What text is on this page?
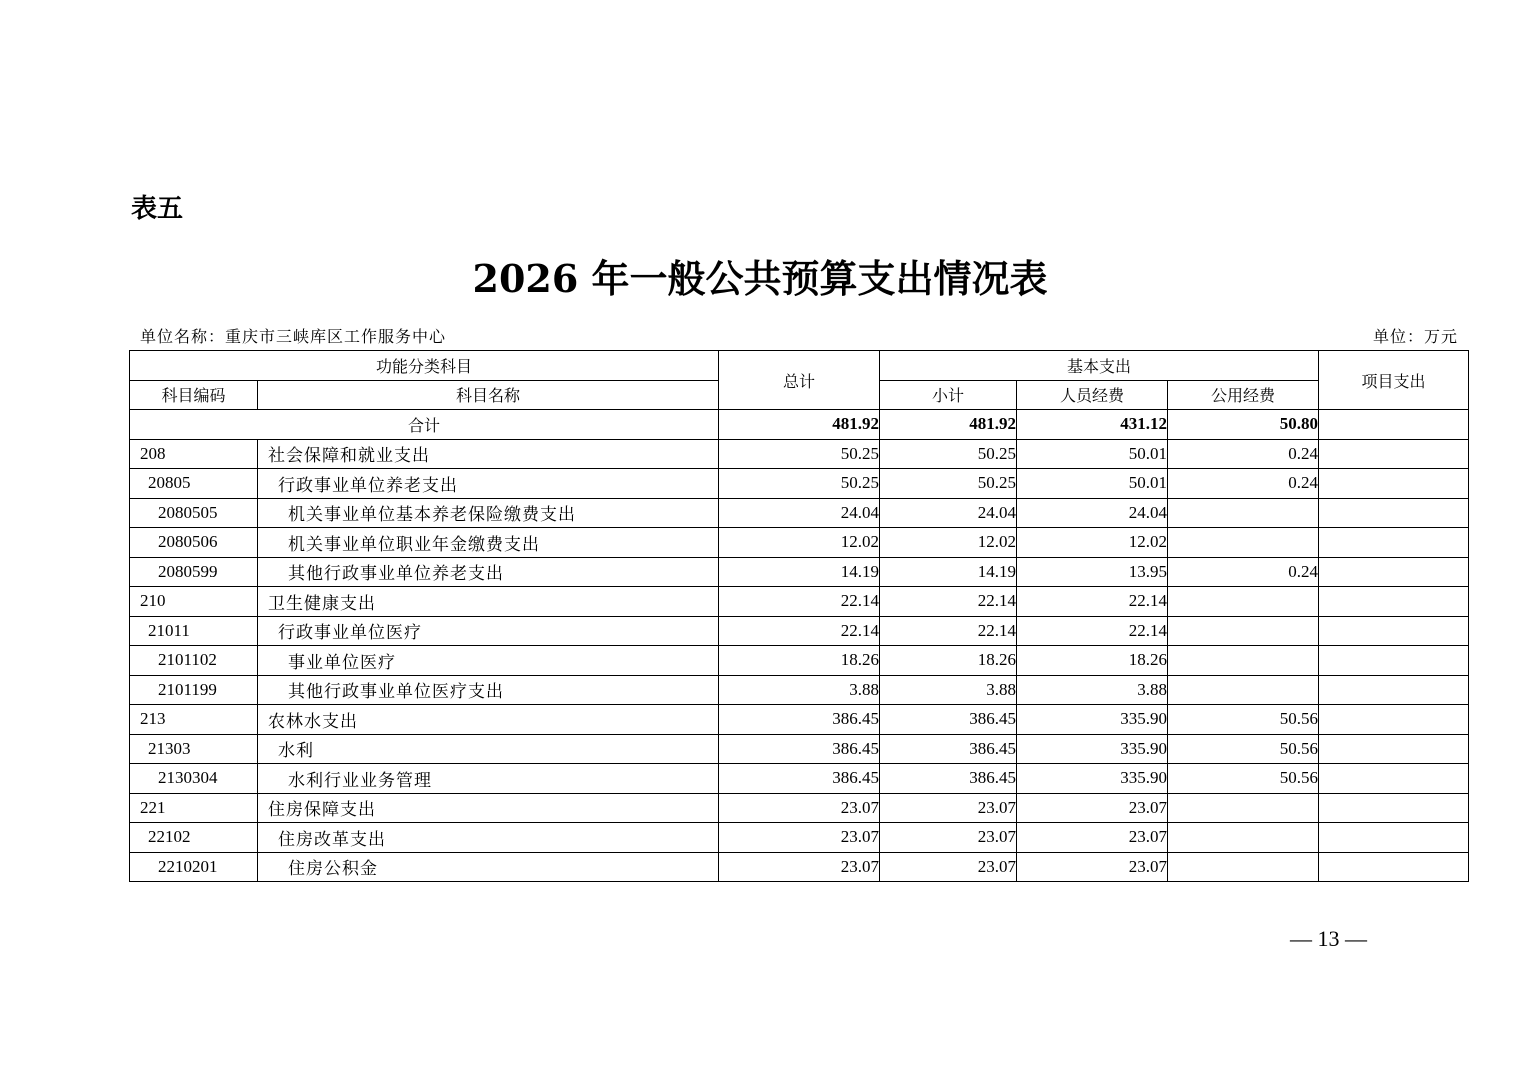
表五
2026 年一般公共预算支出情况表
单位名称：重庆市三峡库区工作服务中心	单位：万元
功能分类科目		总计	基本支出			项目支出
科目编码	科目名称		小计	人员经费	公用经费	
合计		481.92	481.92	431.12	50.80	
208	社会保障和就业支出	50.25	50.25	50.01	0.24	
20805	行政事业单位养老支出	50.25	50.25	50.01	0.24	
2080505	机关事业单位基本养老保险缴费支出	24.04	24.04	24.04		
2080506	机关事业单位职业年金缴费支出	12.02	12.02	12.02		
2080599	其他行政事业单位养老支出	14.19	14.19	13.95	0.24	
210	卫生健康支出	22.14	22.14	22.14		
21011	行政事业单位医疗	22.14	22.14	22.14		
2101102	事业单位医疗	18.26	18.26	18.26		
2101199	其他行政事业单位医疗支出	3.88	3.88	3.88		
213	农林水支出	386.45	386.45	335.90	50.56	
21303	水利	386.45	386.45	335.90	50.56	
2130304	水利行业业务管理	386.45	386.45	335.90	50.56	
221	住房保障支出	23.07	23.07	23.07		
22102	住房改革支出	23.07	23.07	23.07		
2210201	住房公积金	23.07	23.07	23.07		
— 13 —
